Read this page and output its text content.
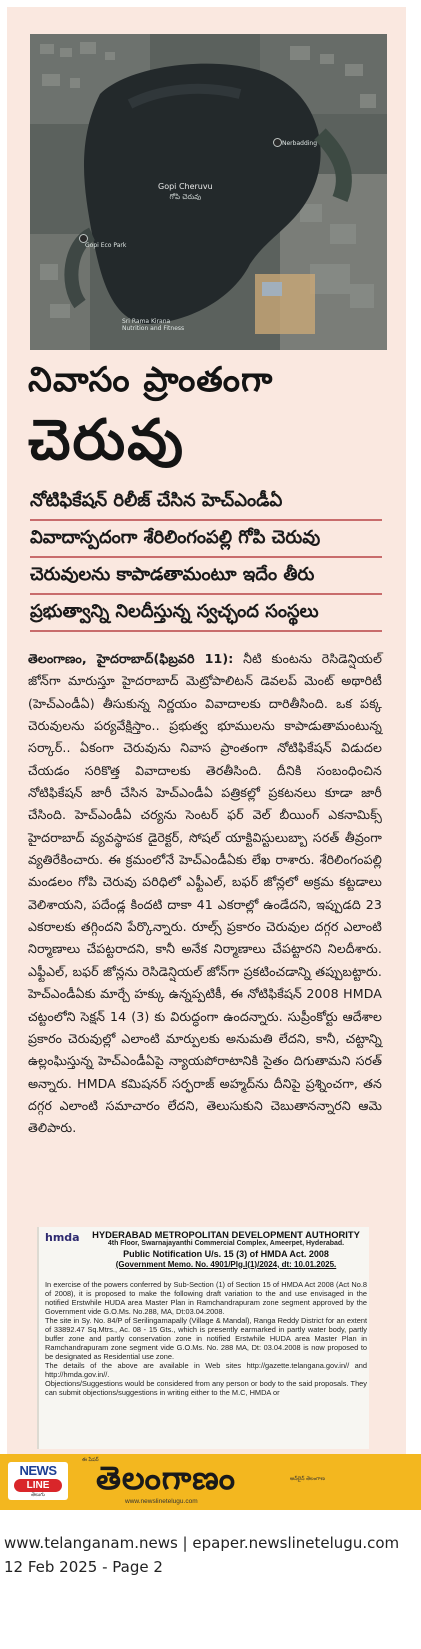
Gopi Cheruvu
గోపి చెరువు
Gopi Eco Park
Nerbadding
Sri Rama Kirana Nutrition and Fitness
నివాసం ప్రాంతంగా
చెరువు
నోటిఫికేషన్ రిలీజ్ చేసిన హెచ్ఎండీఏ
వివాదాస్పదంగా శేరిలింగంపల్లి గోపి చెరువు
చెరువులను కాపాడతామంటూ ఇదేం తీరు
ప్రభుత్వాన్ని నిలదీస్తున్న స్వచ్ఛంద సంస్థలు

తెలంగాణం, హైదరాబాద్(ఫిబ్రవరి 11): నీటి కుంటను రెసిడెన్షియల్ జోన్‌గా మారుస్తూ హైదరాబాద్ మెట్రోపాలిటన్ డెవలప్ మెంట్ అథారిటీ (హెచ్ఎండీఏ) తీసుకున్న నిర్ణయం వివాదాలకు దారితీసింది. ఒక పక్క చెరువులను పర్యవేక్షిస్తాం.. ప్రభుత్వ భూములను కాపాడుతామంటున్న సర్కార్.. ఏకంగా చెరువును నివాస ప్రాంతంగా నోటిఫికేషన్ విడుదల చేయడం సరికొత్త వివాదాలకు తెరతీసింది. దీనికి సంబంధించిన నోటిఫికేషన్ జారీ చేసిన హెచ్ఎండీఏ పత్రికల్లో ప్రకటనలు కూడా జారీ చేసింది. హెచ్ఎండీఏ చర్యను సెంటర్ ఫర్ వెల్ బీయింగ్ ఎకనామిక్స్ హైదరాబాద్ వ్యవస్థాపక డైరెక్టర్, సోషల్ యాక్టివిస్టులుబ్బా సరత్ తీవ్రంగా వ్యతిరేకించారు. ఈ క్రమంలోనే హెచ్ఎండీఏకు లేఖ రాశారు. శేరిలింగంపల్లి మండలం గోపి చెరువు పరిధిలో ఎఫ్టీఎల్, బఫర్ జోన్లలో అక్రమ కట్టడాలు వెలిశాయని, పదేండ్ల కిందటి దాకా 41 ఎకరాల్లో ఉండేదని, ఇప్పుడది 23 ఎకరాలకు తగ్గిందని పేర్కొన్నారు. రూల్స్ ప్రకారం చెరువుల దగ్గర ఎలాంటి నిర్మాణాలు చేపట్టరాదని, కానీ అనేక నిర్మాణాలు చేపట్టారని నిలదీశారు. ఎఫ్టీఎల్, బఫర్ జోన్లను రెసిడెన్షియల్ జోన్‌గా ప్రకటించడాన్ని తప్పుబట్టారు. హెచ్ఎండీఏకు మార్చే హక్కు ఉన్నప్పటికీ, ఈ నోటిఫికేషన్ 2008 HMDA చట్టంలోని సెక్షన్ 14 (3) కు విరుద్ధంగా ఉందన్నారు. సుప్రీంకోర్టు ఆదేశాల ప్రకారం చెరువుల్లో ఎలాంటి మార్పులకు అనుమతి లేదని, కానీ, చట్టాన్ని ఉల్లంఘిస్తున్న హెచ్ఎండీఏపై న్యాయపోరాటానికి సైతం దిగుతామని సరత్ అన్నారు. HMDA కమిషనర్ సర్ఫరాజ్ అహ్మద్‌ను దీనిపై ప్రశ్నించగా, తన దగ్గర ఎలాంటి సమాచారం లేదని, తెలుసుకుని చెబుతానన్నారని ఆమె తెలిపారు.

hmda	HYDERABAD METROPOLITAN DEVELOPMENT AUTHORITY
4th Floor, Swarnajayanthi Commercial Complex, Ameerpet, Hyderabad.
Public Notification U/s. 15 (3) of HMDA Act. 2008
(Government Memo. No. 4901/Plg.I(1)/2024, dt: 10.01.2025.

In exercise of the powers conferred by Sub-Section (1) of Section 15 of HMDA Act 2008 (Act No.8 of 2008), it is proposed to make the following draft variation to the and use envisaged in the notified Erstwhile HUDA area Master Plan in Ramchandrapuram zone segment approved by the Government vide G.O.Ms. No.288, MA, Dt:03.04.2008.

The site in Sy. No. 84/P of Serilingamapally (Village & Mandal), Ranga Reddy District for an extent of 33892.47 Sq.Mtrs., Ac. 08 - 15 Gts., which is presently earmarked in partly water body, partly buffer zone and partly conservation zone in notified Erstwhile HUDA area Master Plan in Ramchandrapuram zone segment vide G.O.Ms. No. 288 MA, Dt: 03.04.2008 is now proposed to be designated as Residential use zone.

The details of the above are available in Web sites http://gazette.telangana.gov.in// and http://hmda.gov.in//.

Objections/Suggestions would be considered from any person or body to the said proposals. They can submit objections/suggestions in writing either to the M.C, HMDA or

NEWS
LINE
తెలుగు
ఈ పేపర్
తెలంగాణం	ఆన్‌లైన్ తెలంగాణ
www.newslinetelugu.com
www.telanganam.news | epaper.newslinetelugu.com
12 Feb 2025 - Page 2
